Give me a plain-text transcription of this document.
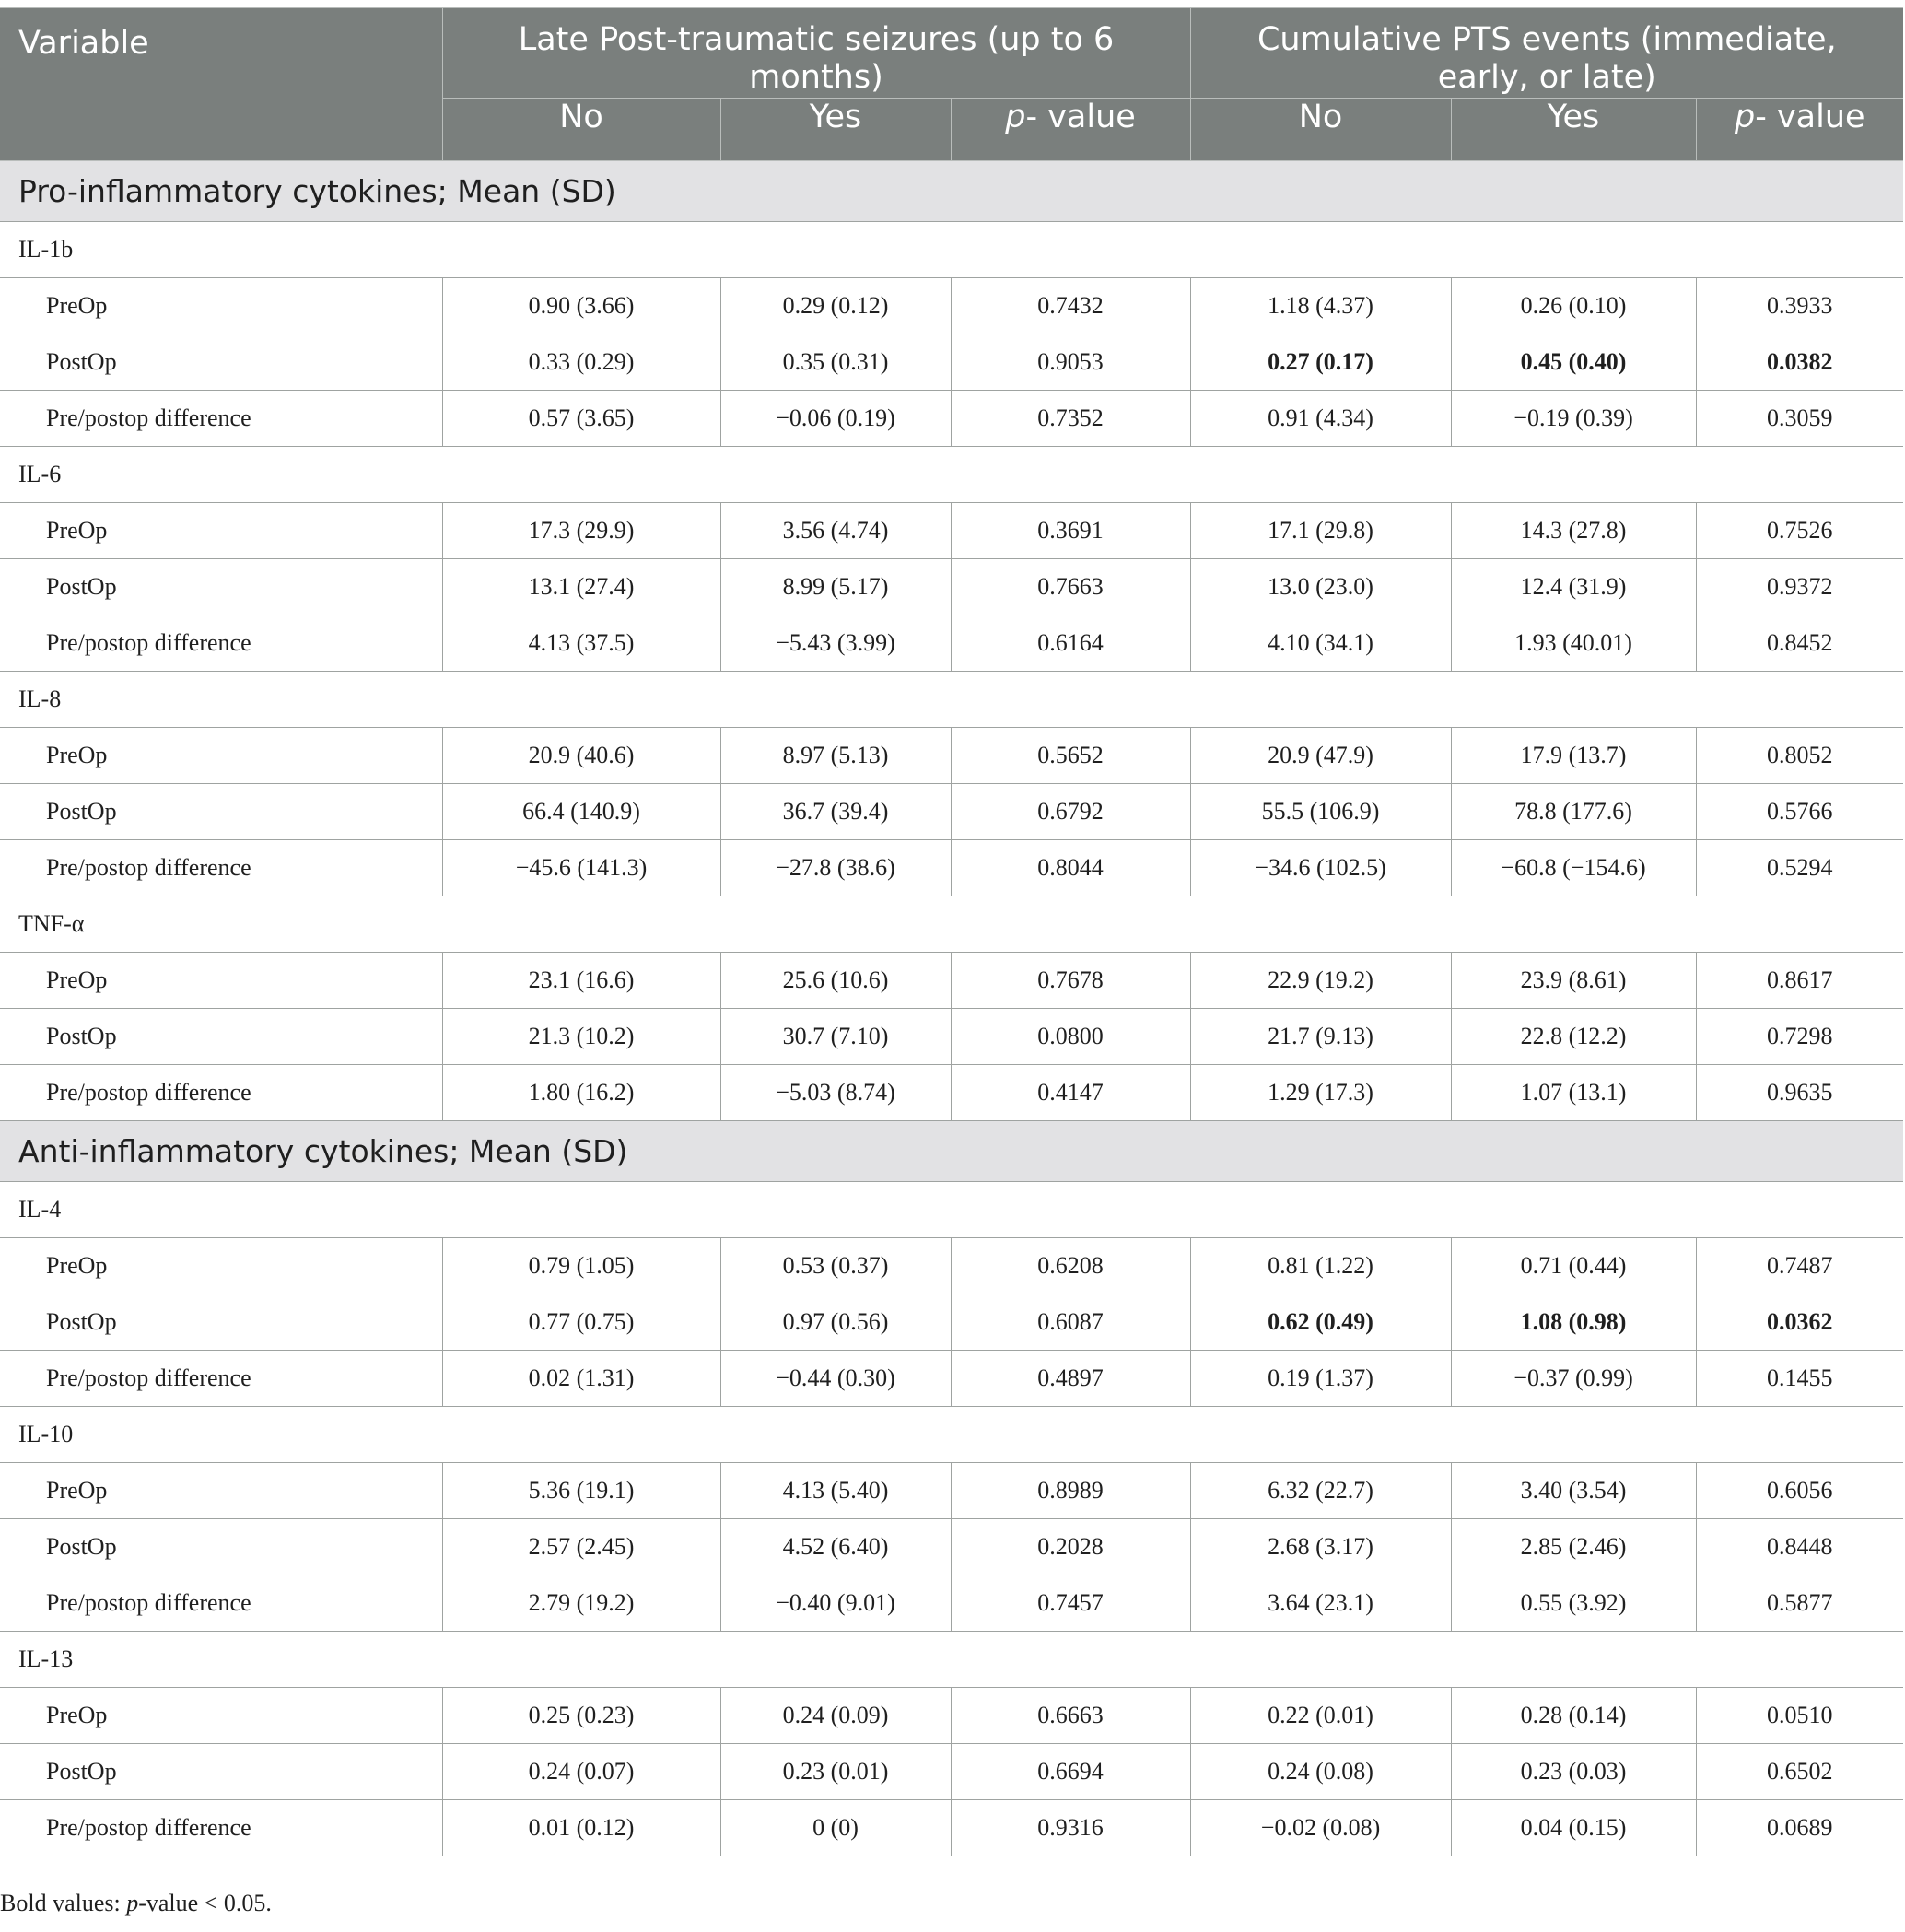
Variable	Late Post-traumatic seizures (up to 6 months)			Cumulative PTS events (immediate, early, or late)		
	No	Yes	p- value	No	Yes	p- value
Pro-inflammatory cytokines; Mean (SD)						
IL-1b						
PreOp	0.90 (3.66)	0.29 (0.12)	0.7432	1.18 (4.37)	0.26 (0.10)	0.3933
PostOp	0.33 (0.29)	0.35 (0.31)	0.9053	0.27 (0.17)	0.45 (0.40)	0.0382
Pre/postop difference	0.57 (3.65)	−0.06 (0.19)	0.7352	0.91 (4.34)	−0.19 (0.39)	0.3059
IL-6						
PreOp	17.3 (29.9)	3.56 (4.74)	0.3691	17.1 (29.8)	14.3 (27.8)	0.7526
PostOp	13.1 (27.4)	8.99 (5.17)	0.7663	13.0 (23.0)	12.4 (31.9)	0.9372
Pre/postop difference	4.13 (37.5)	−5.43 (3.99)	0.6164	4.10 (34.1)	1.93 (40.01)	0.8452
IL-8						
PreOp	20.9 (40.6)	8.97 (5.13)	0.5652	20.9 (47.9)	17.9 (13.7)	0.8052
PostOp	66.4 (140.9)	36.7 (39.4)	0.6792	55.5 (106.9)	78.8 (177.6)	0.5766
Pre/postop difference	−45.6 (141.3)	−27.8 (38.6)	0.8044	−34.6 (102.5)	−60.8 (−154.6)	0.5294
TNF-α						
PreOp	23.1 (16.6)	25.6 (10.6)	0.7678	22.9 (19.2)	23.9 (8.61)	0.8617
PostOp	21.3 (10.2)	30.7 (7.10)	0.0800	21.7 (9.13)	22.8 (12.2)	0.7298
Pre/postop difference	1.80 (16.2)	−5.03 (8.74)	0.4147	1.29 (17.3)	1.07 (13.1)	0.9635
Anti-inflammatory cytokines; Mean (SD)						
IL-4						
PreOp	0.79 (1.05)	0.53 (0.37)	0.6208	0.81 (1.22)	0.71 (0.44)	0.7487
PostOp	0.77 (0.75)	0.97 (0.56)	0.6087	0.62 (0.49)	1.08 (0.98)	0.0362
Pre/postop difference	0.02 (1.31)	−0.44 (0.30)	0.4897	0.19 (1.37)	−0.37 (0.99)	0.1455
IL-10						
PreOp	5.36 (19.1)	4.13 (5.40)	0.8989	6.32 (22.7)	3.40 (3.54)	0.6056
PostOp	2.57 (2.45)	4.52 (6.40)	0.2028	2.68 (3.17)	2.85 (2.46)	0.8448
Pre/postop difference	2.79 (19.2)	−0.40 (9.01)	0.7457	3.64 (23.1)	0.55 (3.92)	0.5877
IL-13						
PreOp	0.25 (0.23)	0.24 (0.09)	0.6663	0.22 (0.01)	0.28 (0.14)	0.0510
PostOp	0.24 (0.07)	0.23 (0.01)	0.6694	0.24 (0.08)	0.23 (0.03)	0.6502
Pre/postop difference	0.01 (0.12)	0 (0)	0.9316	−0.02 (0.08)	0.04 (0.15)	0.0689
Bold values: p-value < 0.05.
